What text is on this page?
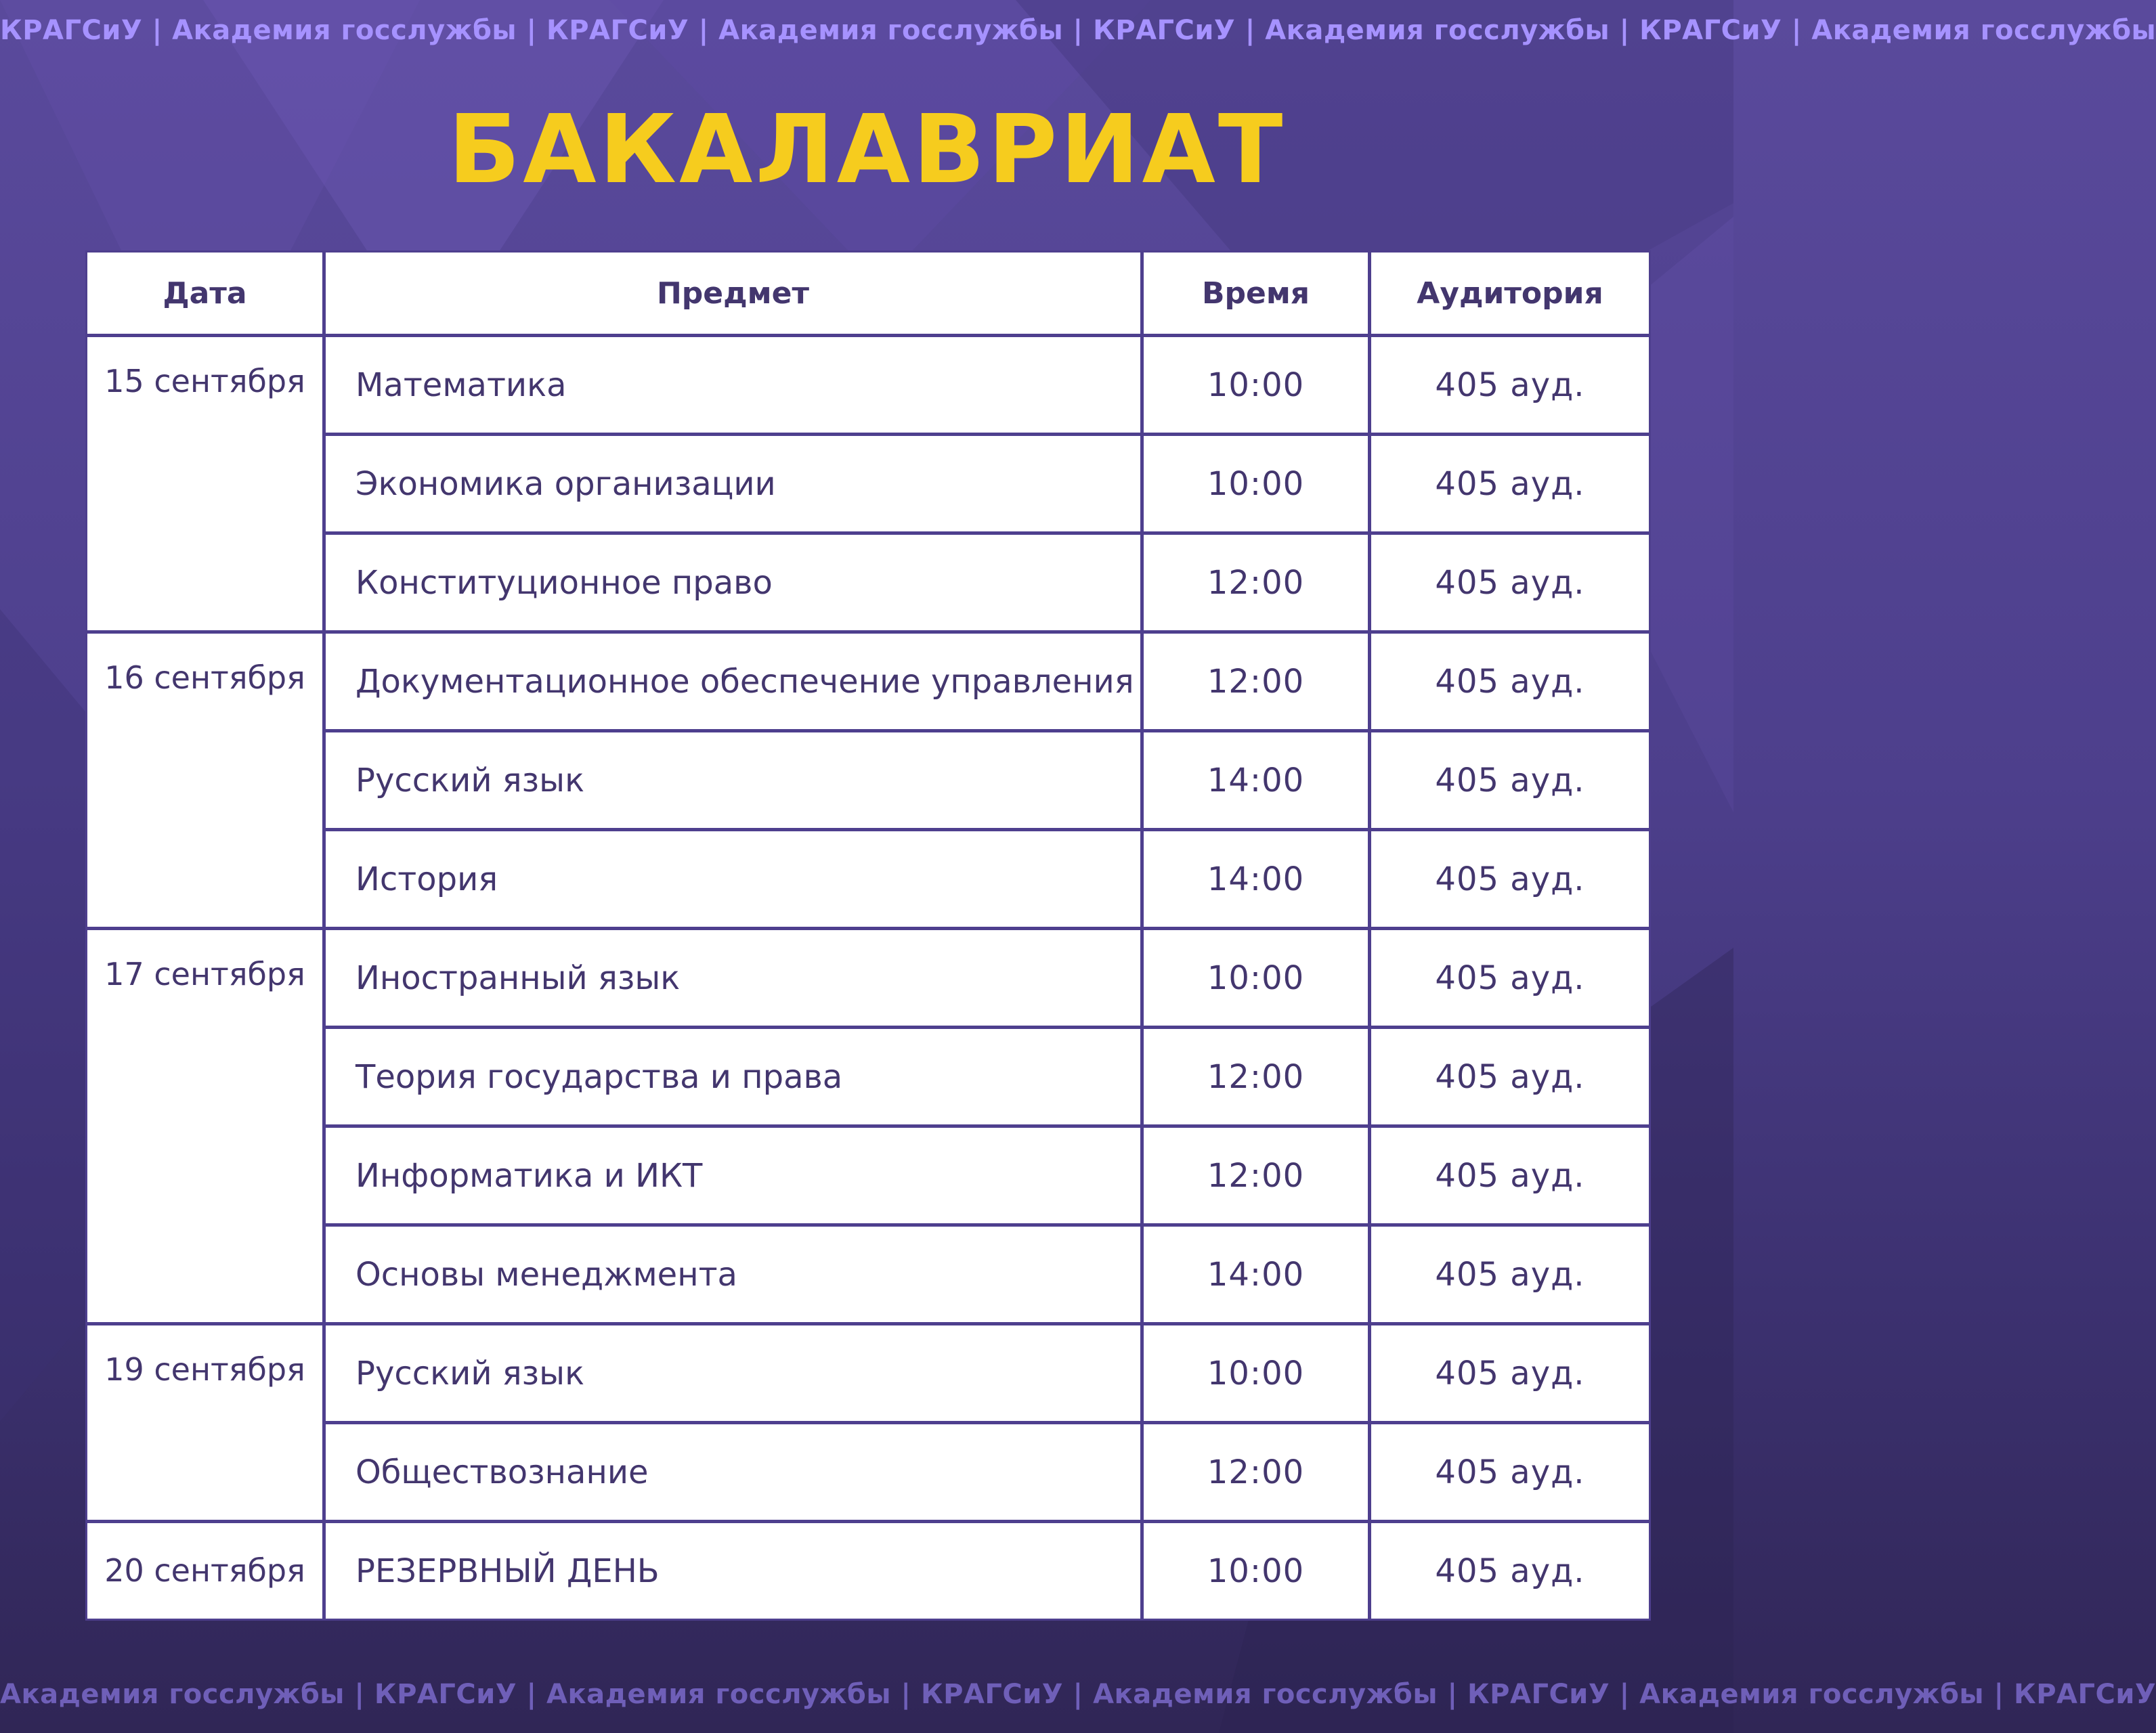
КРАГСиУ | Академия госслужбы | КРАГСиУ | Академия госслужбы | КРАГСиУ | Академия госслужбы | КРАГСиУ | Академия госслужбы
БАКАЛАВРИАТ
Дата	Предмет	Время	Аудитория
15 сентября	Математика	10:00	405 ауд.
	Экономика организации	10:00	405 ауд.
	Конституционное право	12:00	405 ауд.
16 сентября	Документационное обеспечение управления	12:00	405 ауд.
	Русский язык	14:00	405 ауд.
	История	14:00	405 ауд.
17 сентября	Иностранный язык	10:00	405 ауд.
	Теория государства и права	12:00	405 ауд.
	Информатика и ИКТ	12:00	405 ауд.
	Основы менеджмента	14:00	405 ауд.
19 сентября	Русский язык	10:00	405 ауд.
	Обществознание	12:00	405 ауд.
20 сентября	РЕЗЕРВНЫЙ ДЕНЬ	10:00	405 ауд.
Академия госслужбы | КРАГСиУ | Академия госслужбы | КРАГСиУ | Академия госслужбы | КРАГСиУ | Академия госслужбы | КРАГСиУ
